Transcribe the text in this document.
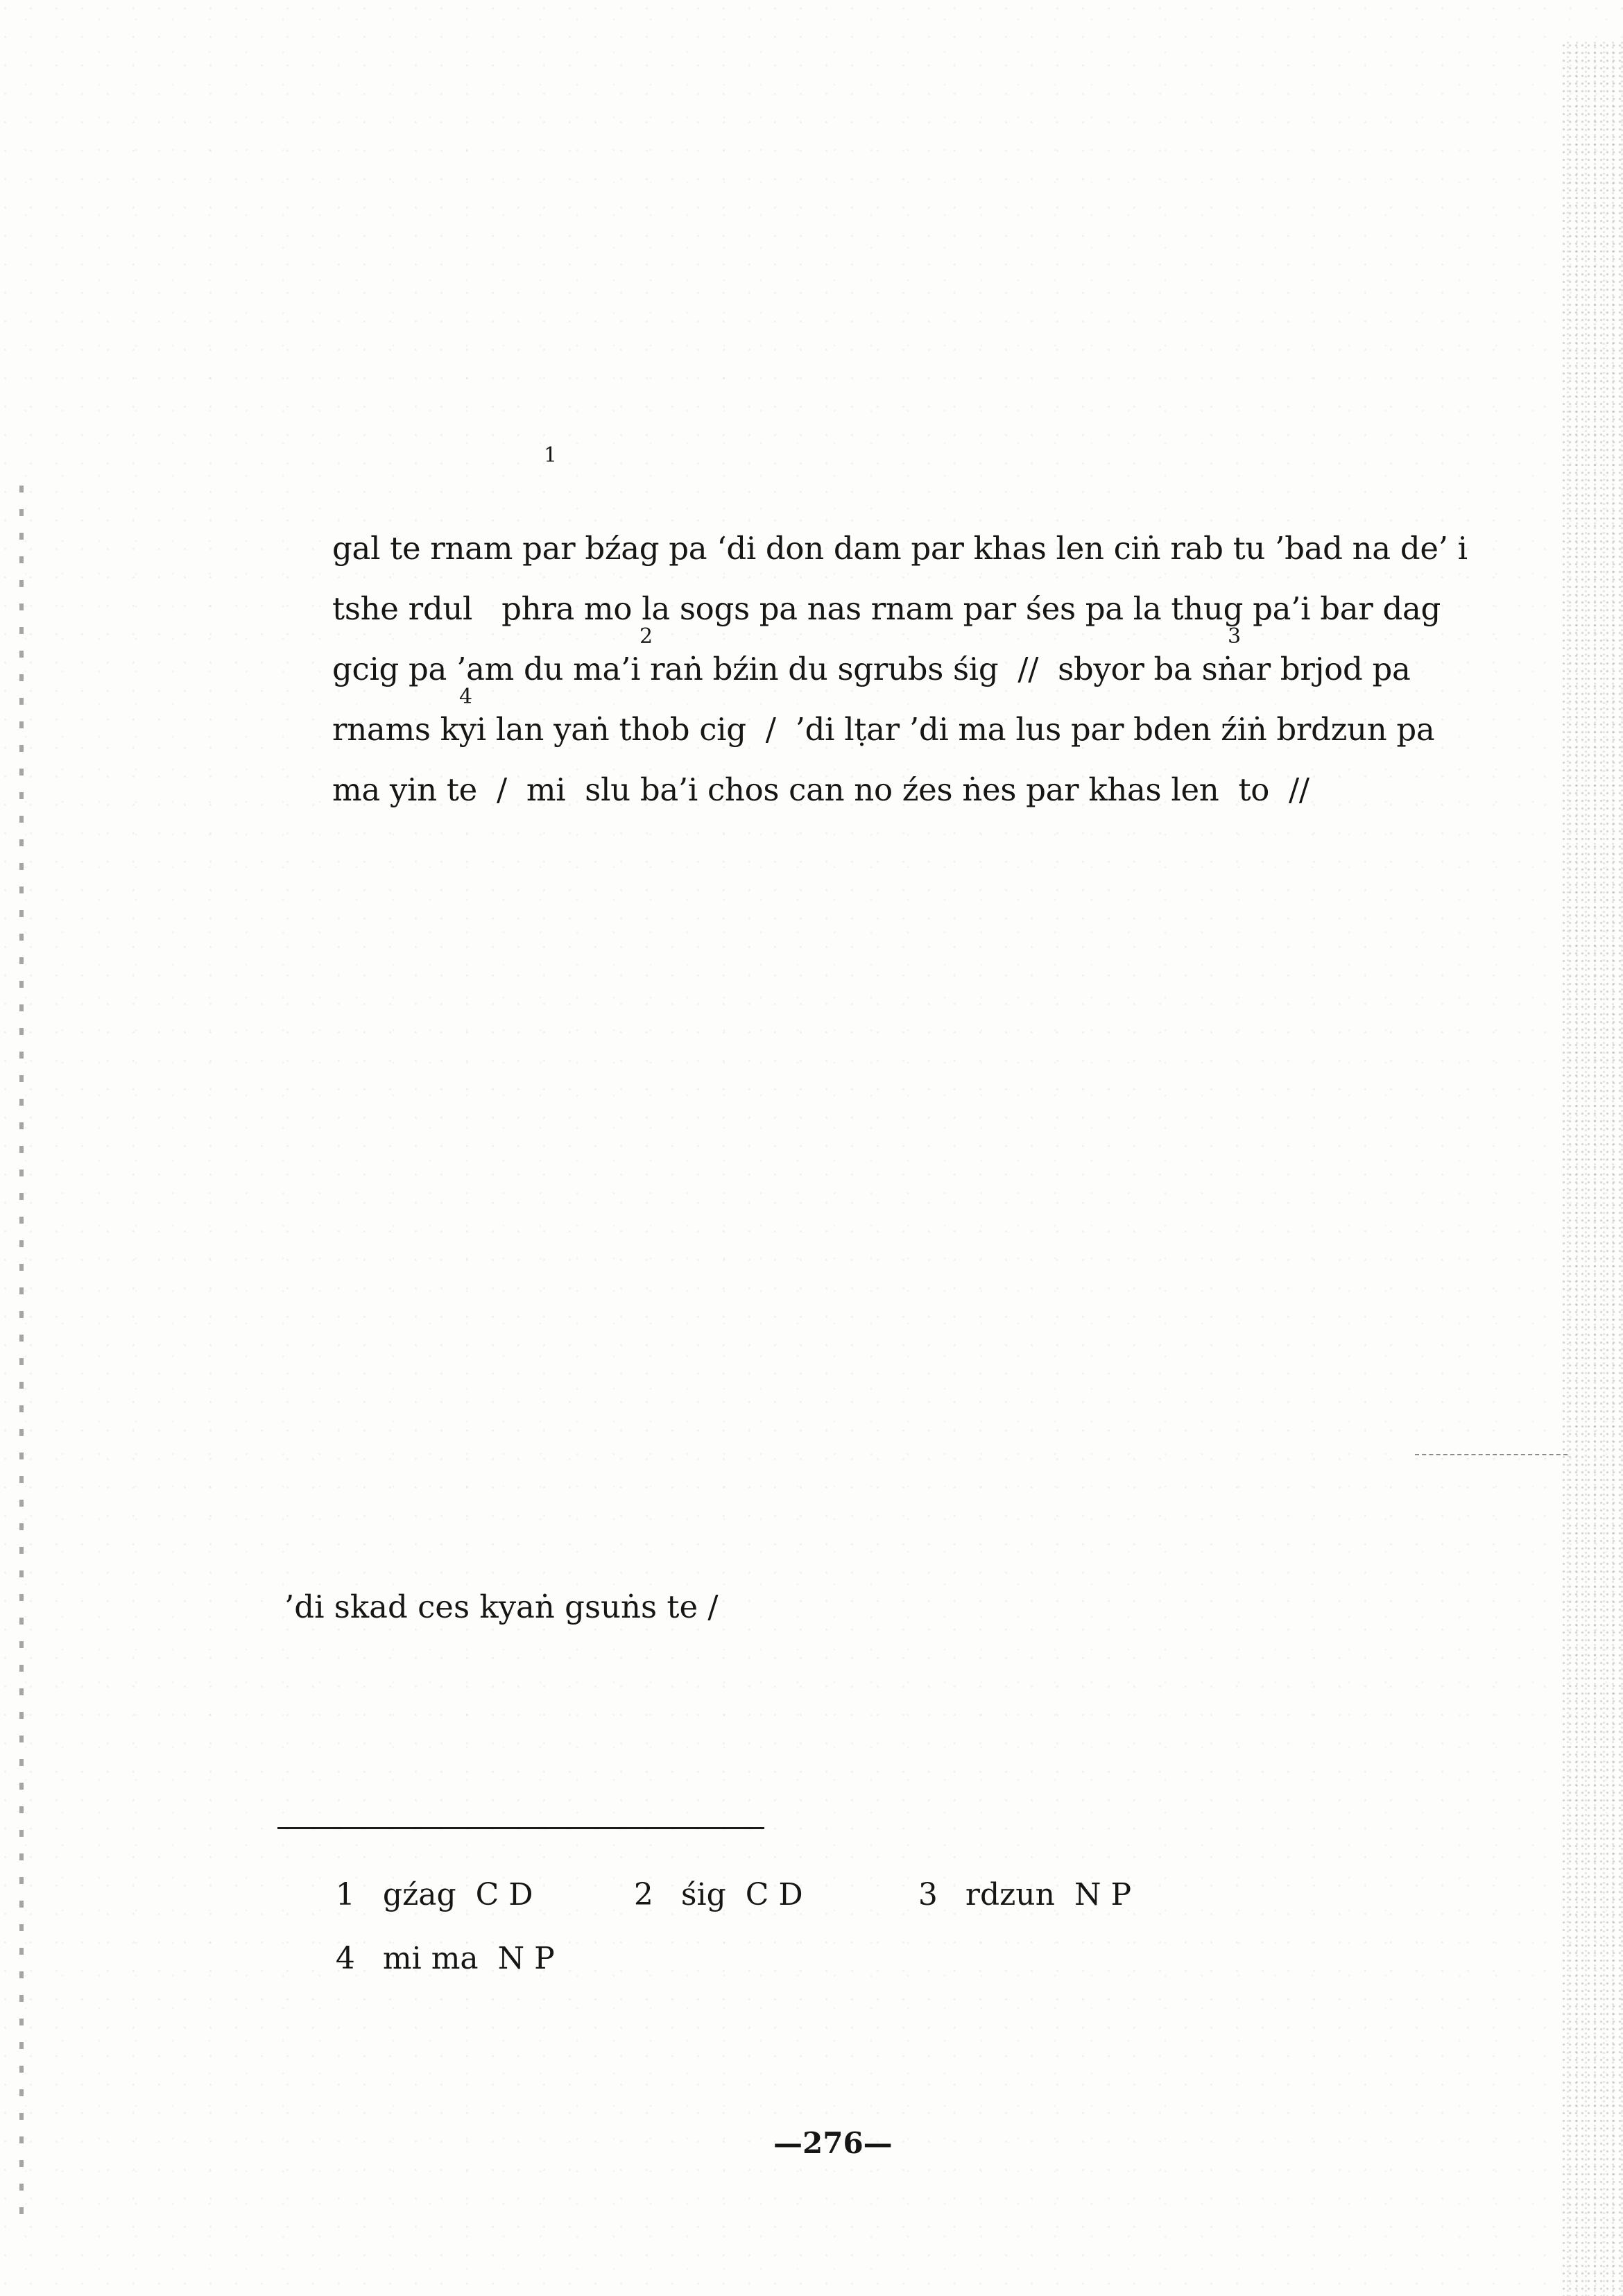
gal te rnam par bźag pa ‘di don dam par khas len ciṅ rab tu ’bad na de’ i

1

tshe rdul   phra mo la sogs pa nas rnam par śes pa la thug pa’i bar dag

gcig pa ’am du ma’i raṅ bźin du sgrubs śig  //  sbyor ba sṅar brjod pa

rnams kyi lan yaṅ thob cig  /  ’di lṭar ’di ma lus par bden źiṅ brdzun pa

2

	3

ma yin te  /  mi  slu ba’i chos can no źes ṅes par khas len  to  //

4

’di skad ces kyaṅ gsuṅs te /

1 gźag  C D
	2 śig  C D
	3 rdzun  N P

4 mi ma  N P

—276—
